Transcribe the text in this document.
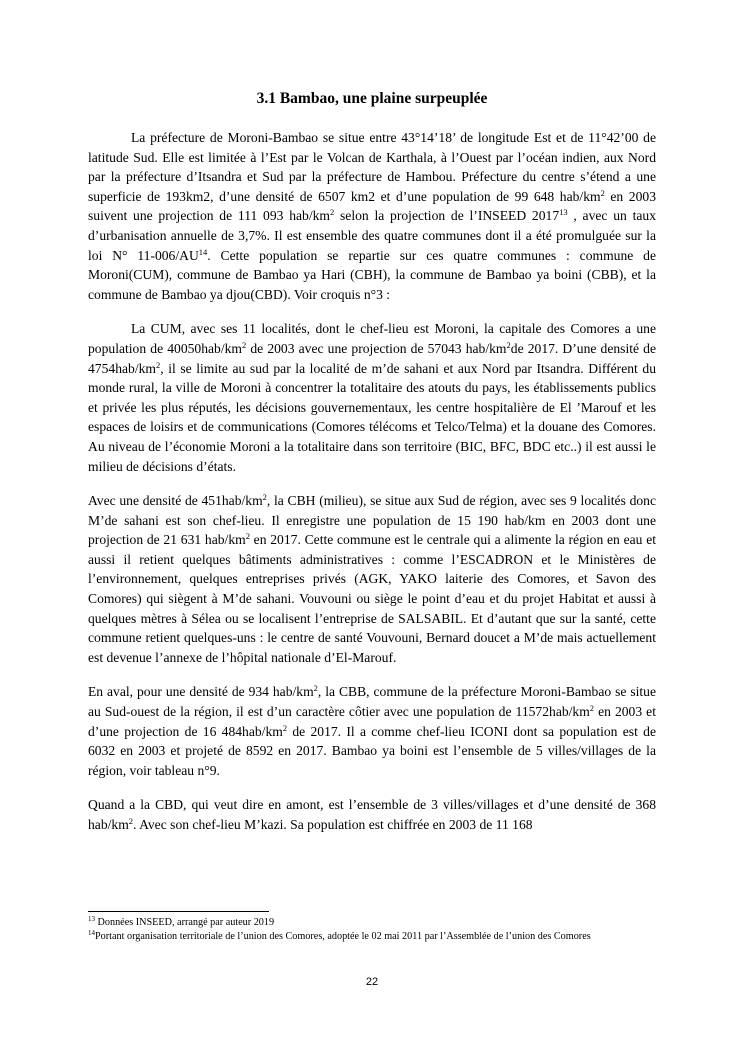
3.1 Bambao, une plaine surpeuplée

La préfecture de Moroni-Bambao se situe entre 43°14’18’ de longitude Est et de 11°42’00 de latitude Sud. Elle est limitée à l’Est par le Volcan de Karthala, à l’Ouest par l’océan indien, aux Nord par la préfecture d’Itsandra et Sud par la préfecture de Hambou. Préfecture du centre s’étend a une superficie de 193km2, d’une densité de 6507 km2 et d’une population de 99 648 hab/$km^2$ en 2003 suivent une projection de 111 093 hab/$km^2$ selon la projection de l’INSEED 2017$^{13}$ , avec un taux d’urbanisation annuelle de 3,7%. Il est ensemble des quatre communes dont il a été promulguée sur la loi N° 11-006/AU$^{14}$. Cette population se repartie sur ces quatre communes : commune de Moroni(CUM), commune de Bambao ya Hari (CBH), la commune de Bambao ya boini (CBB), et la commune de Bambao ya djou(CBD). Voir croquis n°3 :

La CUM, avec ses 11 localités, dont le chef-lieu est Moroni, la capitale des Comores a une population de $40050hab/km^2$ de 2003 avec une projection de 57043 hab/$km^2de$ 2017. D’une densité de $4754hab/km^2$, il se limite au sud par la localité de m’de sahani et aux Nord par Itsandra. Différent du monde rural, la ville de Moroni à concentrer la totalitaire des atouts du pays, les établissements publics et privée les plus réputés, les décisions gouvernementaux, les centre hospitalière de El ’Marouf et les espaces de loisirs et de communications (Comores télécoms et Telco/Telma) et la douane des Comores. Au niveau de l’économie Moroni a la totalitaire dans son territoire (BIC, BFC, BDC etc..) il est aussi le milieu de décisions d’états.

Avec une densité de $451hab/km^2$, la CBH (milieu), se situe aux Sud de région, avec ses 9 localités donc M’de sahani est son chef-lieu. Il enregistre une population de 15 190 hab/km en 2003 dont une projection de 21 631 hab/$km^2$ en 2017. Cette commune est le centrale qui a alimente la région en eau et aussi il retient quelques bâtiments administratives : comme l’ESCADRON et le Ministères de l’environnement, quelques entreprises privés (AGK, YAKO laiterie des Comores, et Savon des Comores) qui siègent à M’de sahani. Vouvouni ou siège le point d’eau et du projet Habitat et aussi à quelques mètres à Sélea ou se localisent l’entreprise de SALSABIL. Et d’autant que sur la santé, cette commune retient quelques-uns : le centre de santé Vouvouni, Bernard doucet a M’de mais actuellement est devenue l’annexe de l’hôpital nationale d’El-Marouf.

En aval, pour une densité de 934 hab/$km^2$, la CBB, commune de la préfecture Moroni-Bambao se situe au Sud-ouest de la région, il est d’un caractère côtier avec une population de $11572hab/km^2$ en 2003 et d’une projection de 16 $484hab/km^2$ de 2017. Il a comme chef-lieu ICONI dont sa population est de 6032 en 2003 et projeté de 8592 en 2017. Bambao ya boini est l’ensemble de 5 villes/villages de la région, voir tableau n°9.

Quand a la CBD, qui veut dire en amont, est l’ensemble de 3 villes/villages et d’une densité de 368 hab/$km^2$. Avec son chef-lieu M’kazi. Sa population est chiffrée en 2003 de 11 168

$^{13}$ Données INSEED, arrangé par auteur 2019
$^{14}$Portant organisation territoriale de l’union des Comores, adoptée le 02 mai 2011 par l’Assemblée de l’union des Comores
22
